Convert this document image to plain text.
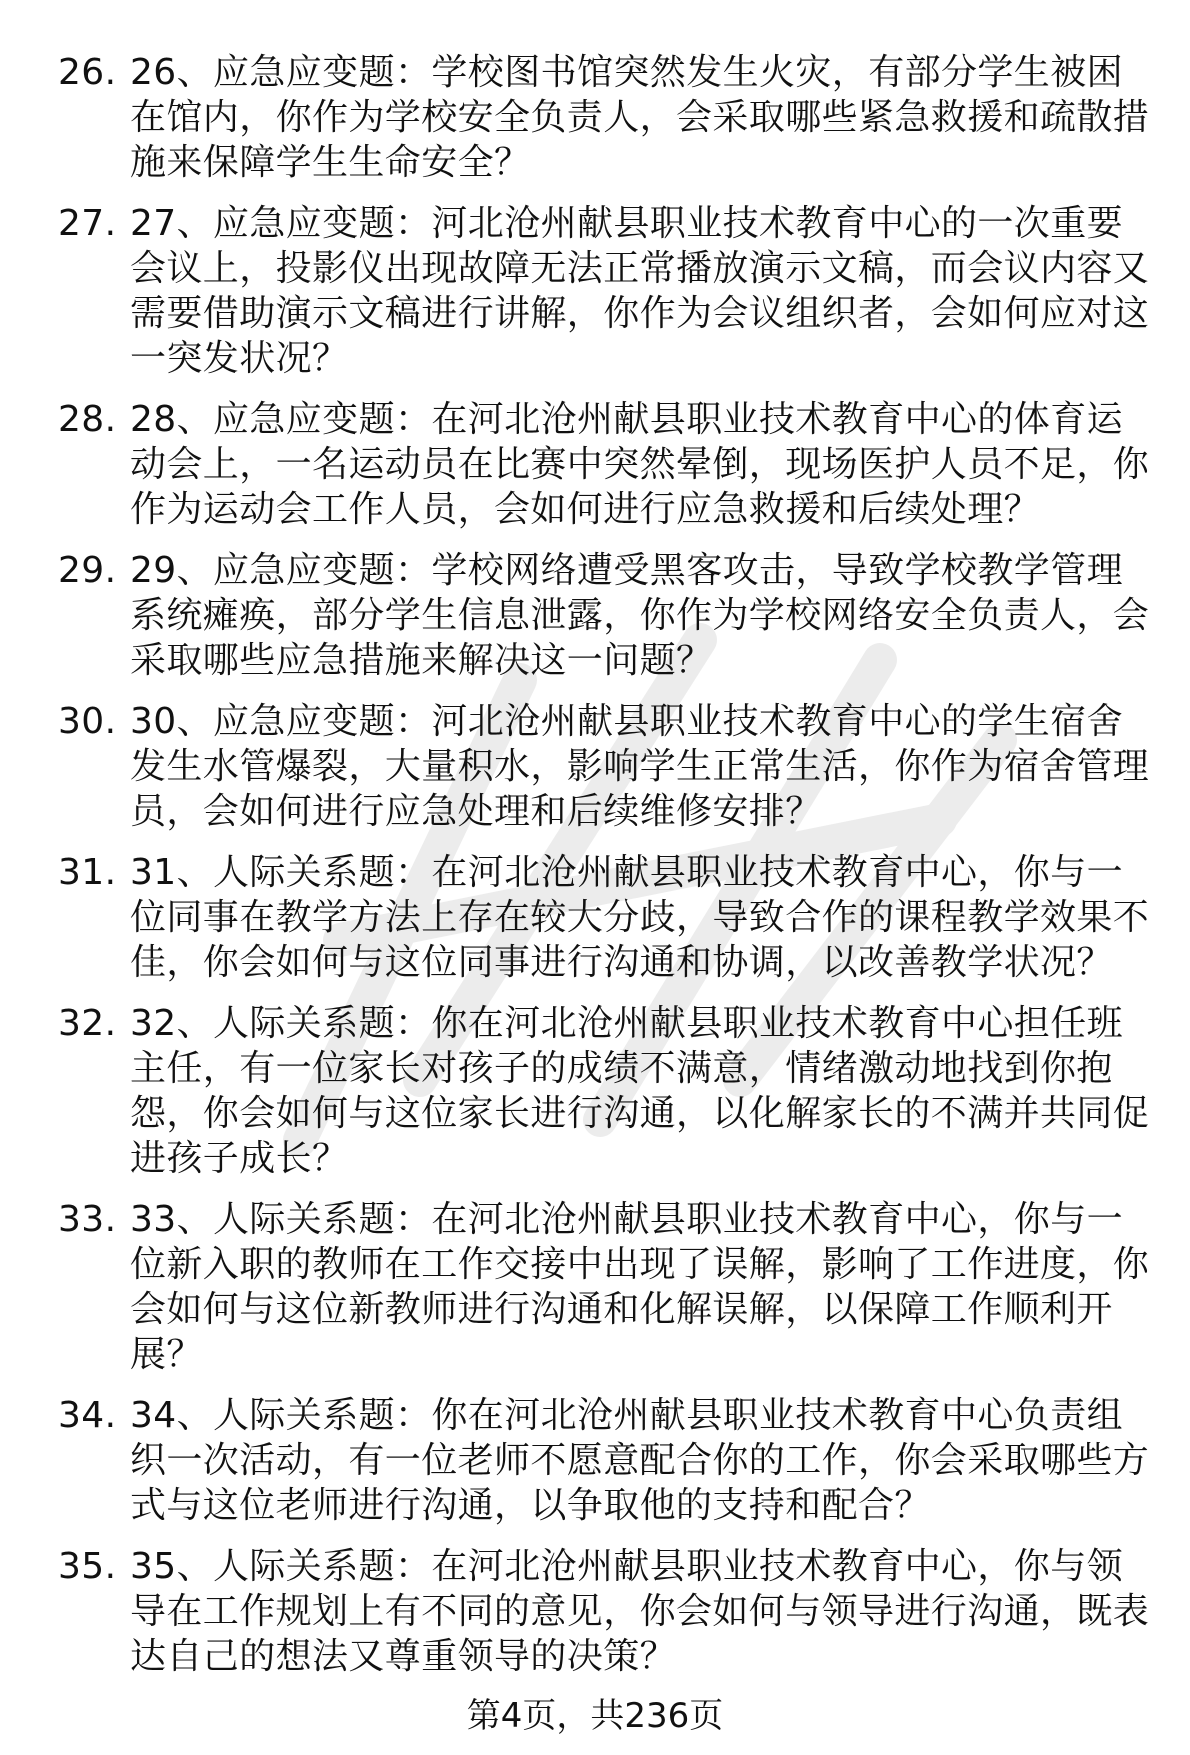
26. 26、应急应变题：学校图书馆突然发生火灾，有部分学生被困在馆内，你作为学校安全负责人，会采取哪些紧急救援和疏散措施来保障学生生命安全？
27. 27、应急应变题：河北沧州献县职业技术教育中心的一次重要会议上，投影仪出现故障无法正常播放演示文稿，而会议内容又需要借助演示文稿进行讲解，你作为会议组织者，会如何应对这一突发状况？
28. 28、应急应变题：在河北沧州献县职业技术教育中心的体育运动会上，一名运动员在比赛中突然晕倒，现场医护人员不足，你作为运动会工作人员，会如何进行应急救援和后续处理？
29. 29、应急应变题：学校网络遭受黑客攻击，导致学校教学管理系统瘫痪，部分学生信息泄露，你作为学校网络安全负责人，会采取哪些应急措施来解决这一问题？
30. 30、应急应变题：河北沧州献县职业技术教育中心的学生宿舍发生水管爆裂，大量积水，影响学生正常生活，你作为宿舍管理员，会如何进行应急处理和后续维修安排？
31. 31、人际关系题：在河北沧州献县职业技术教育中心，你与一位同事在教学方法上存在较大分歧，导致合作的课程教学效果不佳，你会如何与这位同事进行沟通和协调，以改善教学状况？
32. 32、人际关系题：你在河北沧州献县职业技术教育中心担任班主任，有一位家长对孩子的成绩不满意，情绪激动地找到你抱怨，你会如何与这位家长进行沟通，以化解家长的不满并共同促进孩子成长？
33. 33、人际关系题：在河北沧州献县职业技术教育中心，你与一位新入职的教师在工作交接中出现了误解，影响了工作进度，你会如何与这位新教师进行沟通和化解误解，以保障工作顺利开展？
34. 34、人际关系题：你在河北沧州献县职业技术教育中心负责组织一次活动，有一位老师不愿意配合你的工作，你会采取哪些方式与这位老师进行沟通，以争取他的支持和配合？
35. 35、人际关系题：在河北沧州献县职业技术教育中心，你与领导在工作规划上有不同的意见，你会如何与领导进行沟通，既表达自己的想法又尊重领导的决策？
第4页，共236页
